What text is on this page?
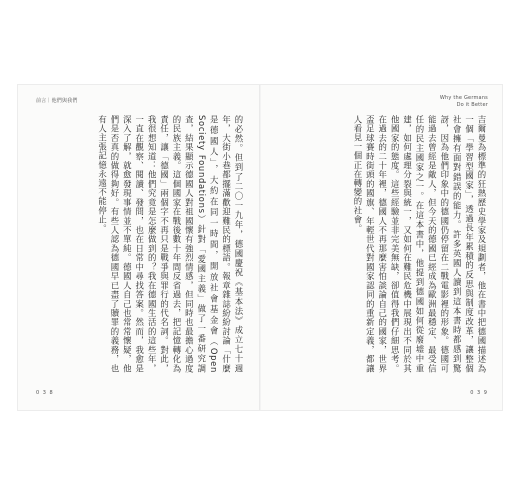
前言｜他們與我們
的必然。但到了二〇一九年，德國慶祝《基本法》成立七十週年，大街小巷都擺滿歡迎難民的標語。報章雜誌紛紛討論「什麼是德國人」，大約在同一時間，開放社會基金會（Open Society Foundations）針對「愛國主義」做了一番研究調查，結果顯示德國人對祖國懷有強烈情感，但同時也最擔心過度的民族主義。這個國家在戰後數十年間反省過去，把記憶轉化為責任，讓「德國」兩個字不再只是戰爭與罪行的代名詞。對此，我很想知道：他們究竟是怎麼做到的？我在德國生活的這些年，一直在觀察、閱讀、發問，也在日常中尋找答案。然而，我愈是深入了解，就愈發現事情並不單純。德國人自己也常常懷疑，他們是否真的做得夠好。有些人認為德國早已盡了贖罪的義務，也有人主張記憶永遠不能停止。
0 3 8
Why the Germans
Do it Better
吉爾曼為標準的狂熱歷史學家及規劃者，他在書中把德國描述為一個「學習型國家」，透過長年累積的反思與制度改革，讓整個社會擁有面對錯誤的能力。許多英國人讀到這本書時都感到驚訝，因為他們印象中的德國仍停留在二戰電影裡的形象。德國可能過去曾經是敵人，但今天的德國已經成為歐洲最穩定、最受信任的民主國家之一。在這本書中，他提到德國如何從廢墟中重建，如何處理分裂與統一，又如何在難民危機中展現出不同於其他國家的態度。這些經驗並非完美無缺，卻值得我們仔細思考。在過去的二十年裡，德國人不再那麼害怕談論自己的國家，世界盃足球賽時街頭的國旗、年輕世代對國家認同的重新定義，都讓人看見一個正在轉變的社會。
0 3 9
